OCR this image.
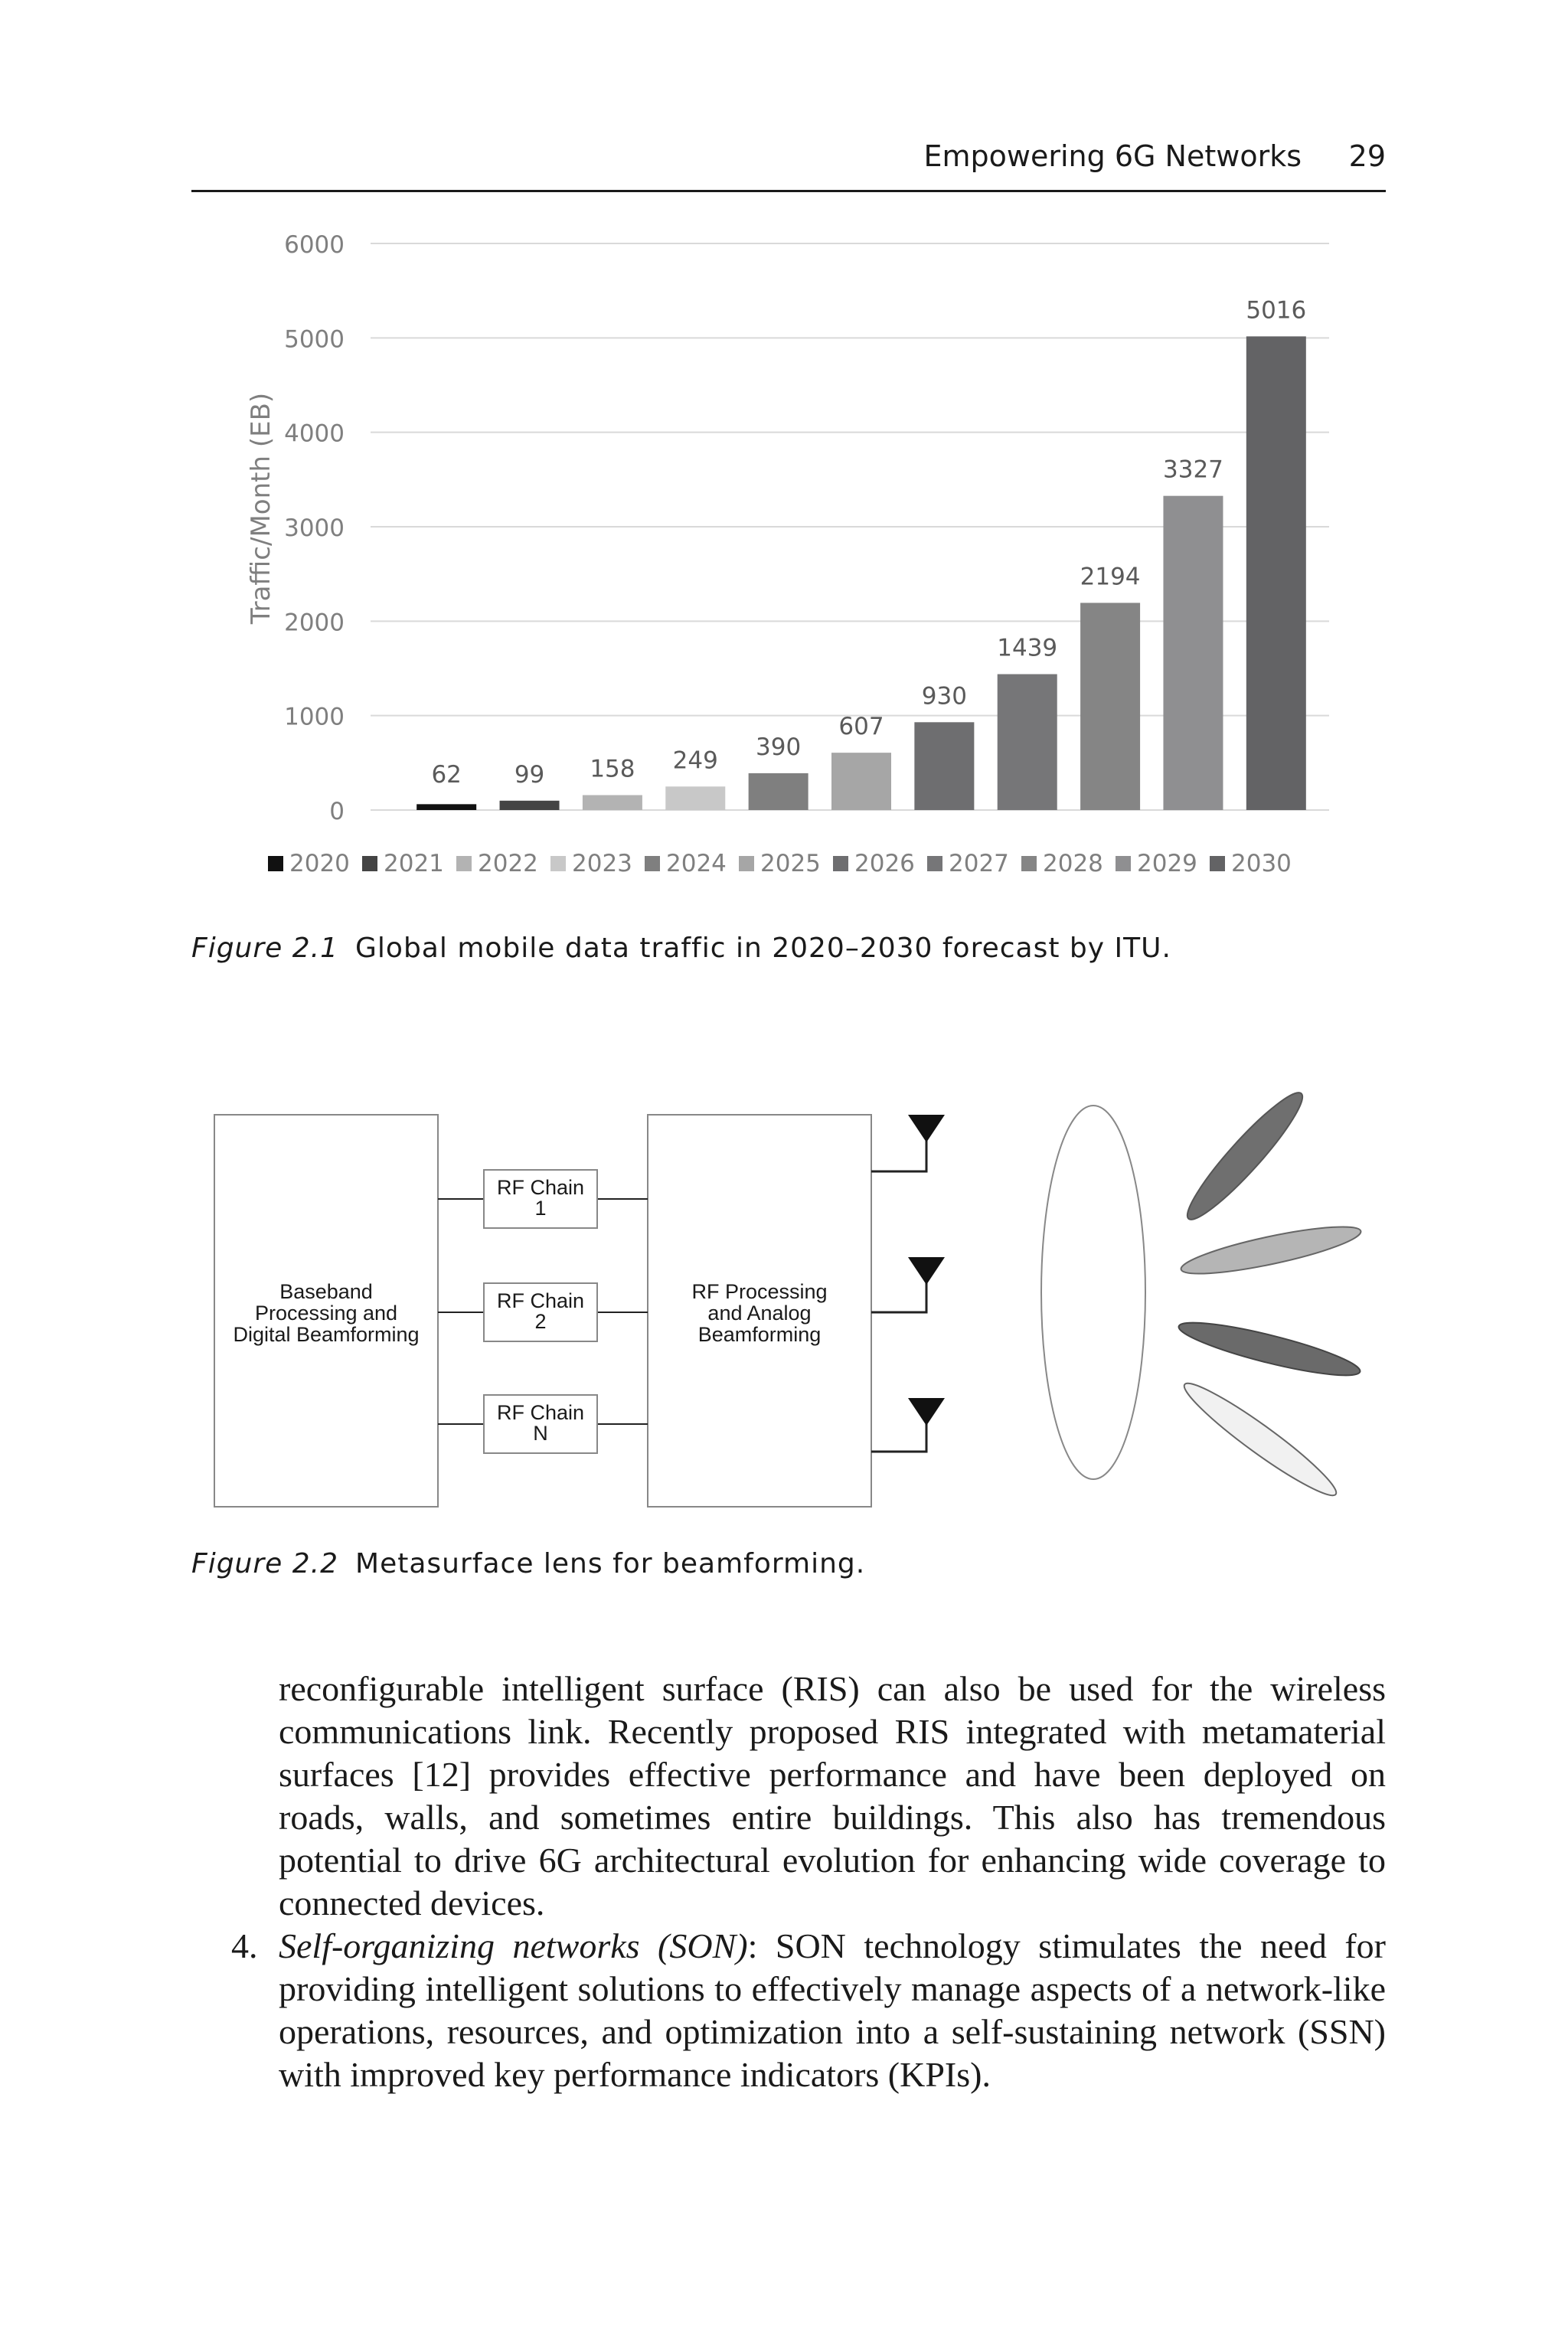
Empowering 6G Networks	29
0
1000
2000
3000
4000
5000
6000
Traffic/Month (EB)
62 99 158 249 390
607
930
1439
2194
3327
5016
2020 2021 2022 2023 2024 2025 2026 2027 2028 2029 2030
Figure 2.1 Global mobile data traffic in 2020–2030 forecast by ITU.
Baseband
Processing and
Digital Beamforming
RF Chain
1
RF Chain
2
RF Chain
N
RF Processing
and Analog
Beamforming
Figure 2.2 Metasurface lens for beamforming.

reconfigurable intelligent surface (RIS) can also be used for the wireless communications link. Recently proposed RIS integrated with metamaterial surfaces [12] provides effective performance and have been deployed on roads, walls, and sometimes entire buildings. This also has tremendous potential to drive 6G architectural evolution for enhancing wide coverage to connected devices.

4. Self-organizing networks (SON): SON technology stimulates the need for providing intelligent solutions to effectively manage aspects of a network-like operations, resources, and optimization into a self-sustaining network (SSN) with improved key performance indicators (KPIs).
